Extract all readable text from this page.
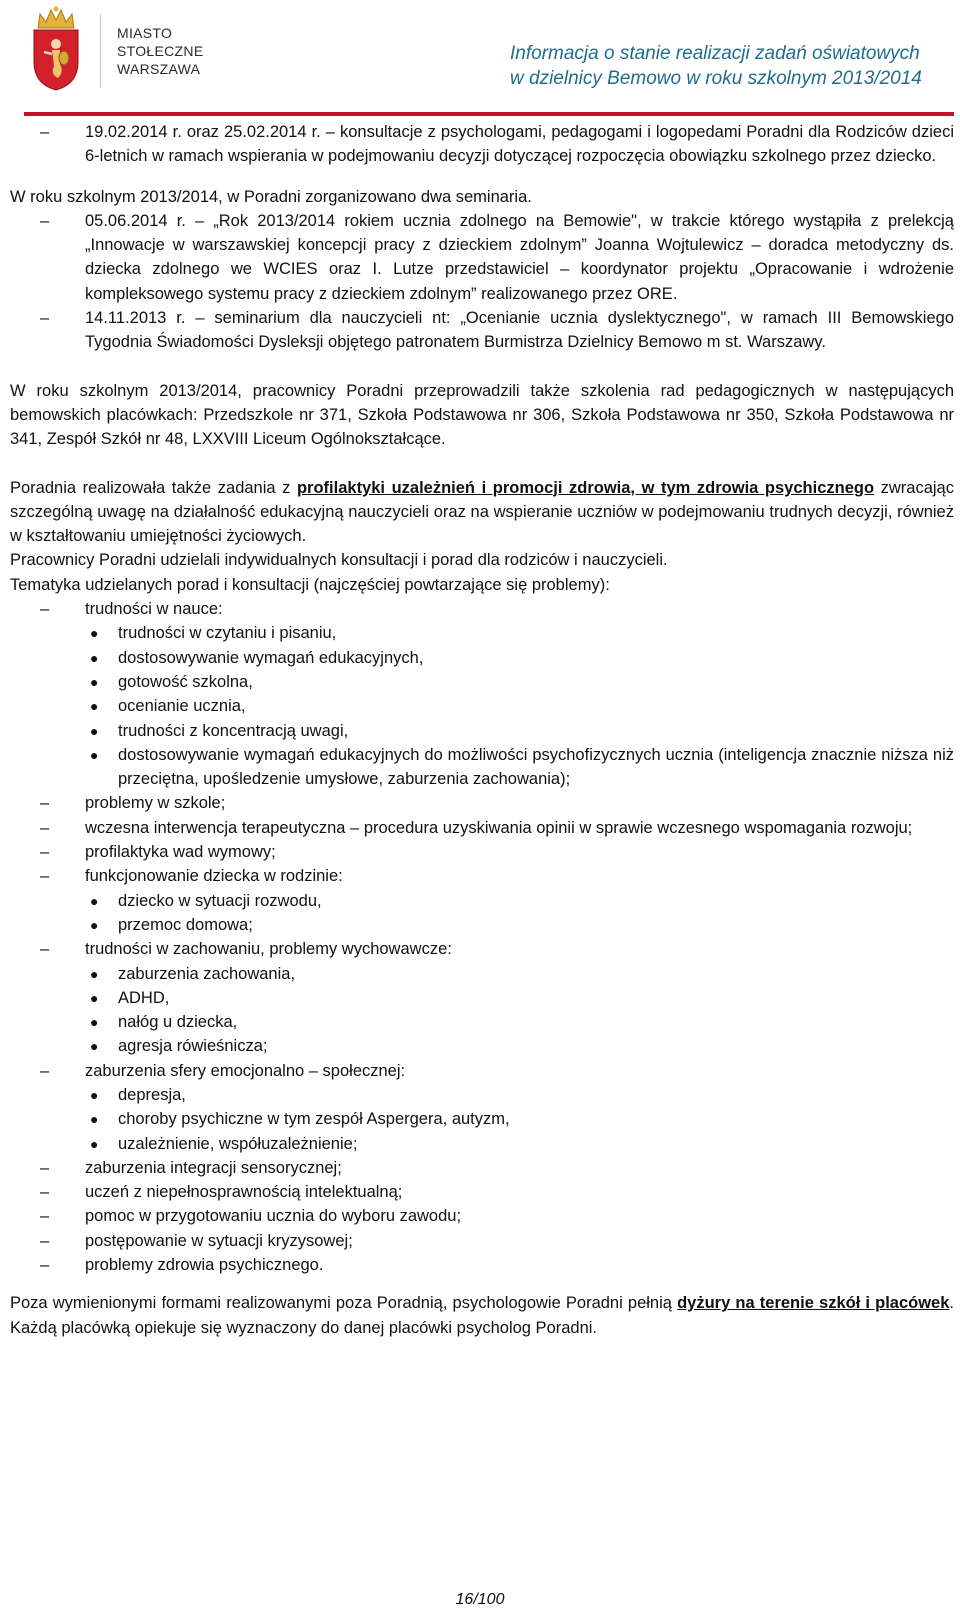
MIASTO
STOŁECZNE
WARSZAWA
Informacja o stanie realizacji zadań oświatowych
w dzielnicy Bemowo w roku szkolnym 2013/2014
– 19.02.2014 r. oraz 25.02.2014 r. – konsultacje z psychologami, pedagogami i logopedami Poradni dla Rodziców dzieci 6-letnich w ramach wspierania w podejmowaniu decyzji dotyczącej rozpoczęcia obowiązku szkolnego przez dziecko.

W roku szkolnym 2013/2014, w Poradni zorganizowano dwa seminaria.

– 05.06.2014 r. – „Rok 2013/2014 rokiem ucznia zdolnego na Bemowie", w trakcie którego wystąpiła z prelekcją „Innowacje w warszawskiej koncepcji pracy z dzieckiem zdolnym” Joanna Wojtulewicz – doradca metodyczny ds. dziecka zdolnego we WCIES oraz I. Lutze przedstawiciel – koordynator projektu „Opracowanie i wdrożenie kompleksowego systemu pracy z dzieckiem zdolnym” realizowanego przez ORE.
– 14.11.2013 r. – seminarium dla nauczycieli nt: „Ocenianie ucznia dyslektycznego", w ramach III Bemowskiego Tygodnia Świadomości Dysleksji objętego patronatem Burmistrza Dzielnicy Bemowo m st. Warszawy.

W roku szkolnym 2013/2014, pracownicy Poradni przeprowadzili także szkolenia rad pedagogicznych w następujących bemowskich placówkach: Przedszkole nr 371, Szkoła Podstawowa nr 306, Szkoła Podstawowa nr 350, Szkoła Podstawowa nr 341, Zespół Szkół nr 48, LXXVIII Liceum Ogólnokształcące.

Poradnia realizowała także zadania z profilaktyki uzależnień i promocji zdrowia, w tym zdrowia psychicznego zwracając szczególną uwagę na działalność edukacyjną nauczycieli oraz na wspieranie uczniów w podejmowaniu trudnych decyzji, również w kształtowaniu umiejętności życiowych.

Pracownicy Poradni udzielali indywidualnych konsultacji i porad dla rodziców i nauczycieli.

Tematyka udzielanych porad i konsultacji (najczęściej powtarzające się problemy):

– trudności w nauce:
● trudności w czytaniu i pisaniu,
● dostosowywanie wymagań edukacyjnych,
● gotowość szkolna,
● ocenianie ucznia,
● trudności z koncentracją uwagi,
● dostosowywanie wymagań edukacyjnych do możliwości psychofizycznych ucznia (inteligencja znacznie niższa niż przeciętna, upośledzenie umysłowe, zaburzenia zachowania);
– problemy w szkole;
– wczesna interwencja terapeutyczna – procedura uzyskiwania opinii w sprawie wczesnego wspomagania rozwoju;
– profilaktyka wad wymowy;
– funkcjonowanie dziecka w rodzinie:
● dziecko w sytuacji rozwodu,
● przemoc domowa;
– trudności w zachowaniu, problemy wychowawcze:
● zaburzenia zachowania,
● ADHD,
● nałóg u dziecka,
● agresja rówieśnicza;
– zaburzenia sfery emocjonalno – społecznej:
● depresja,
● choroby psychiczne w tym zespół Aspergera, autyzm,
● uzależnienie, współuzależnienie;
– zaburzenia integracji sensorycznej;
– uczeń z niepełnosprawnością intelektualną;
– pomoc w przygotowaniu ucznia do wyboru zawodu;
– postępowanie w sytuacji kryzysowej;
– problemy zdrowia psychicznego.

Poza wymienionymi formami realizowanymi poza Poradnią, psychologowie Poradni pełnią dyżury na terenie szkół i placówek. Każdą placówką opiekuje się wyznaczony do danej placówki psycholog Poradni.

16/100
